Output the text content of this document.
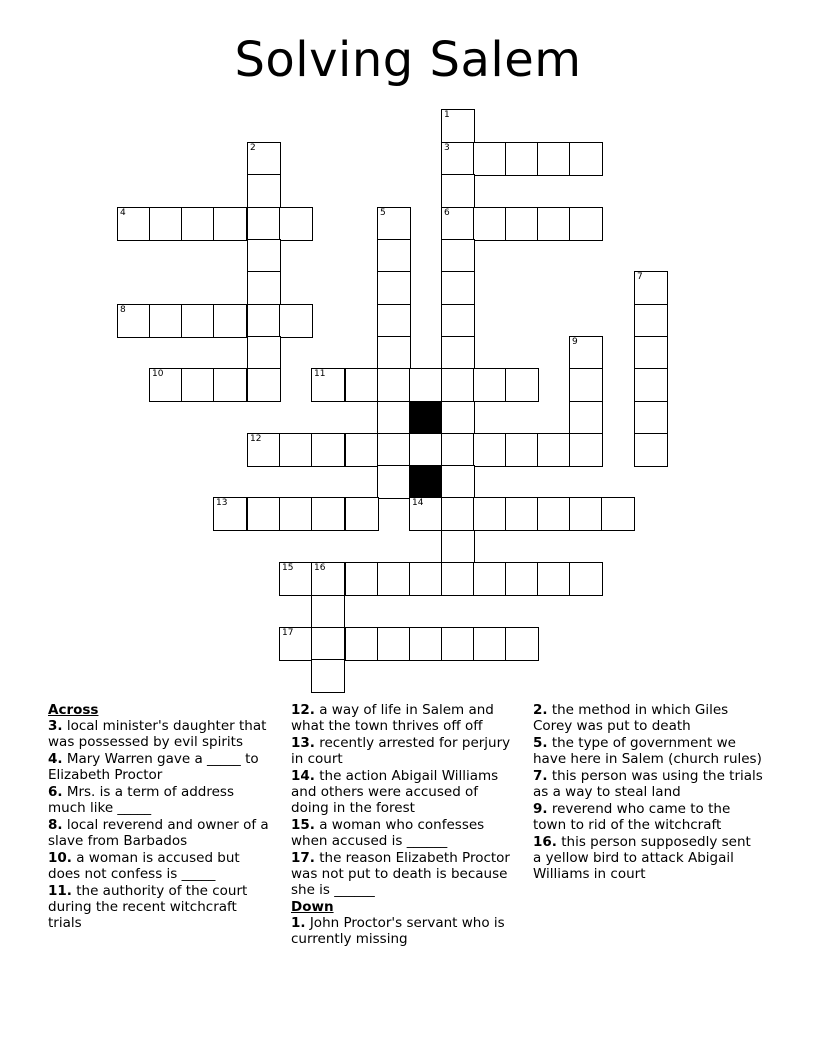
Solving Salem
1
2	3
4	5	6
7
8
9
10	11
12
13	14
15 16
17

Across

3. local minister's daughter that was possessed by evil spirits

4. Mary Warren gave a _____ to Elizabeth Proctor

6. Mrs. is a term of address much like _____

8. local reverend and owner of a slave from Barbados

10. a woman is accused but does not confess is _____

11. the authority of the court during the recent witchcraft trials

12. a way of life in Salem and what the town thrives off off

13. recently arrested for perjury in court

14. the action Abigail Williams and others were accused of doing in the forest

15. a woman who confesses when accused is ______

17. the reason Elizabeth Proctor was not put to death is because she is ______

Down

1. John Proctor's servant who is currently missing

2. the method in which Giles Corey was put to death

5. the type of government we have here in Salem (church rules)

7. this person was using the trials as a way to steal land

9. reverend who came to the town to rid of the witchcraft

16. this person supposedly sent a yellow bird to attack Abigail Williams in court
